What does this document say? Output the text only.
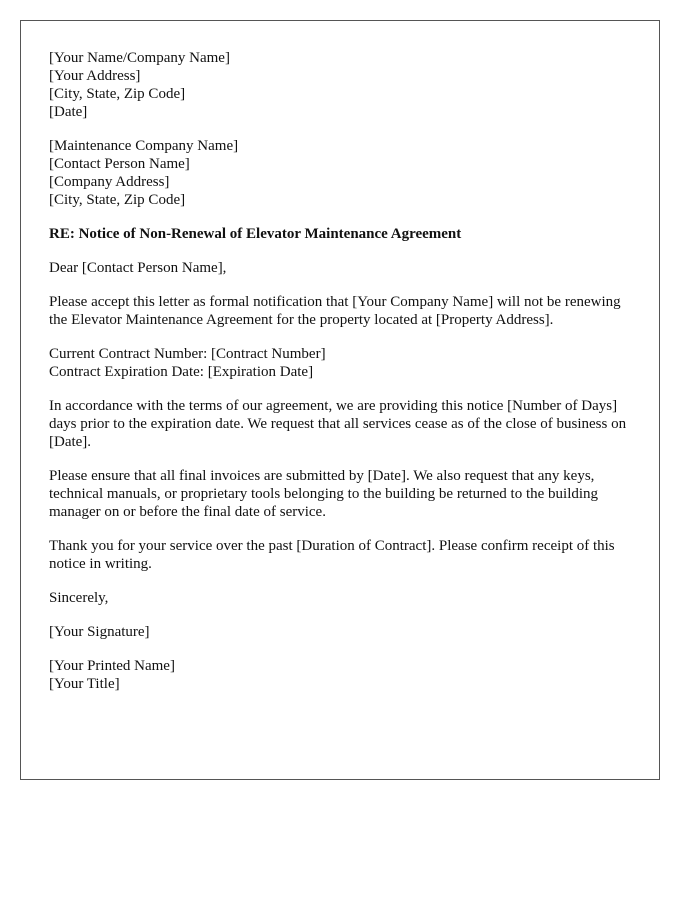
[Your Name/Company Name]
[Your Address]
[City, State, Zip Code]
[Date]
[Maintenance Company Name]
[Contact Person Name]
[Company Address]
[City, State, Zip Code]
RE: Notice of Non-Renewal of Elevator Maintenance Agreement
Dear [Contact Person Name],

Please accept this letter as formal notification that [Your Company Name] will not be renewing the Elevator Maintenance Agreement for the property located at [Property Address].

Current Contract Number: [Contract Number]
Contract Expiration Date: [Expiration Date]

In accordance with the terms of our agreement, we are providing this notice [Number of Days] days prior to the expiration date. We request that all services cease as of the close of business on [Date].

Please ensure that all final invoices are submitted by [Date]. We also request that any keys, technical manuals, or proprietary tools belonging to the building be returned to the building manager on or before the final date of service.

Thank you for your service over the past [Duration of Contract]. Please confirm receipt of this notice in writing.

Sincerely,
[Your Signature]
[Your Printed Name]
[Your Title]
